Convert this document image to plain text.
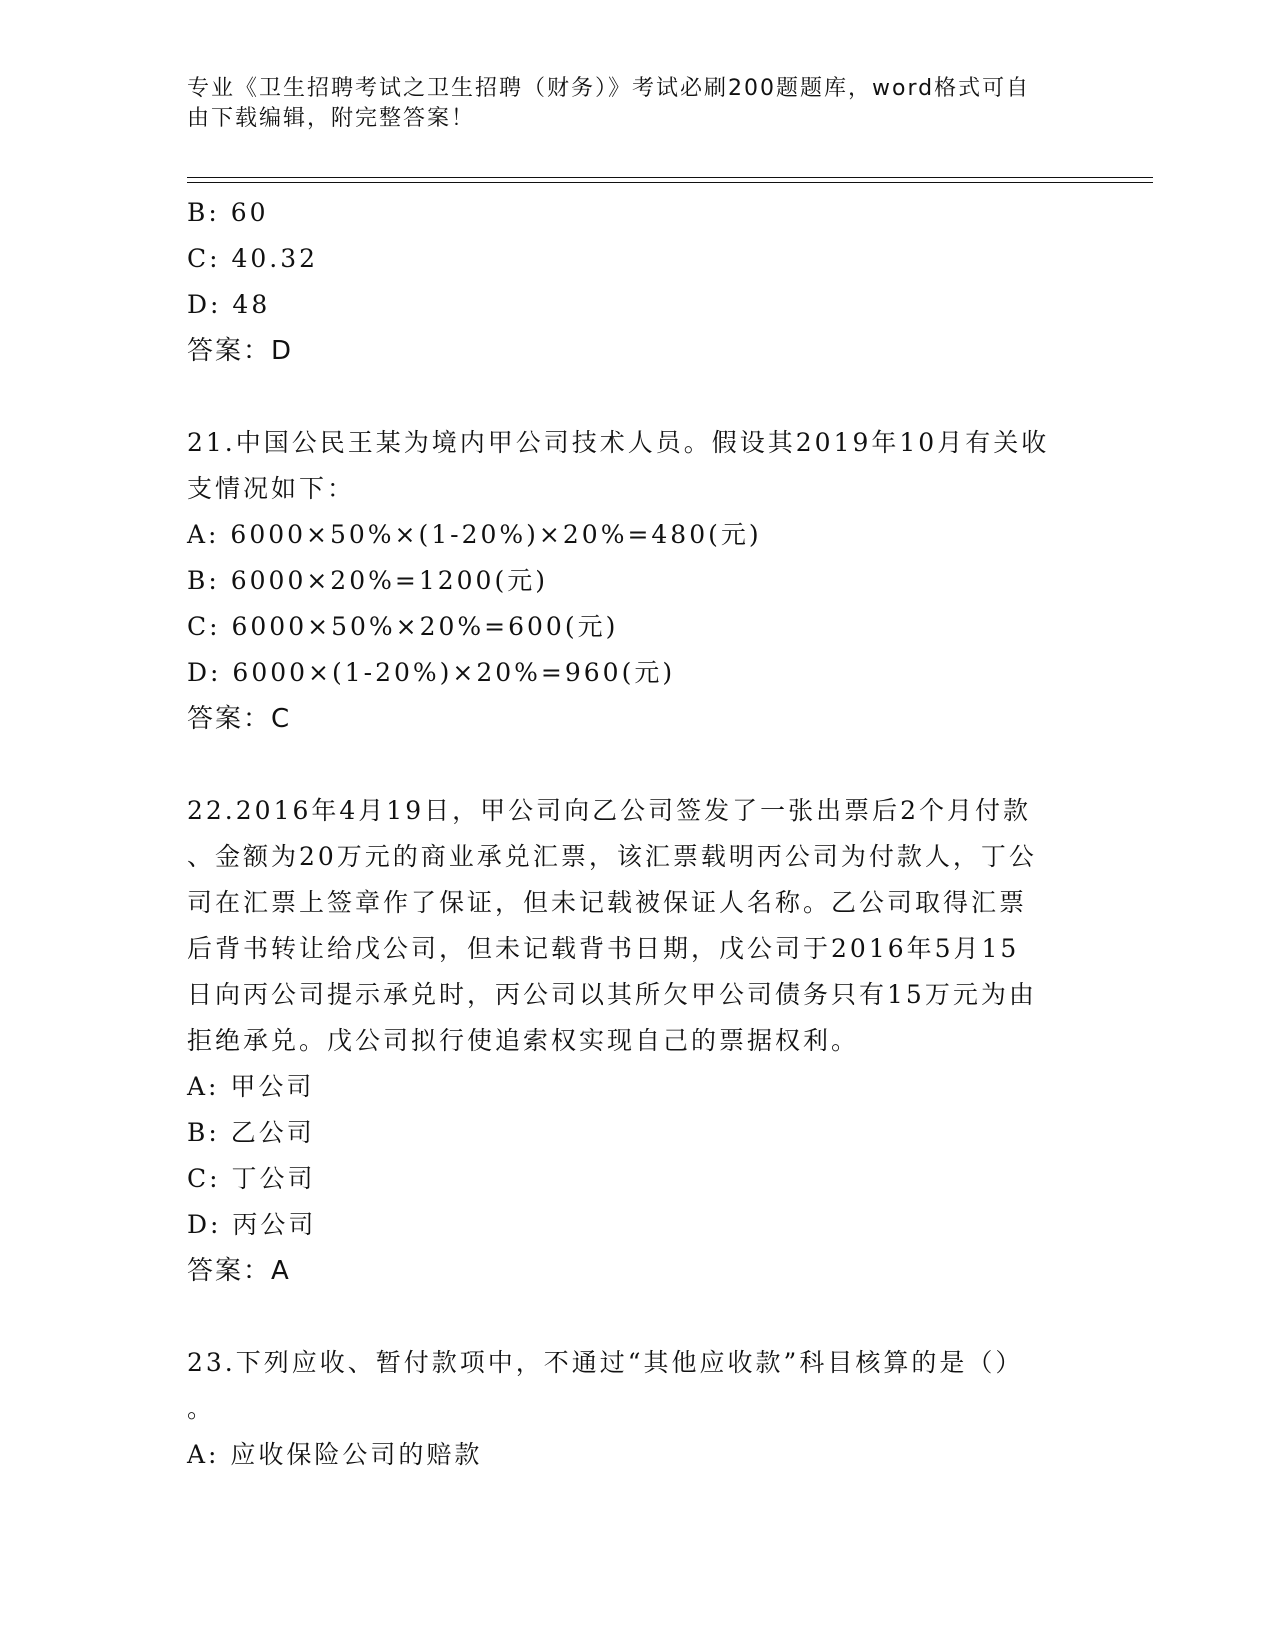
专业《卫生招聘考试之卫生招聘（财务）》考试必刷200题题库，word格式可自
由下载编辑，附完整答案！
B: 60
C: 40.32
D: 48
答案：D
21.中国公民王某为境内甲公司技术人员。假设其2019年10月有关收
支情况如下：
A: 6000×50%×(1-20%)×20%=480(元)
B: 6000×20%=1200(元)
C: 6000×50%×20%=600(元)
D: 6000×(1-20%)×20%=960(元)
答案：C
22.2016年4月19日，甲公司向乙公司签发了一张出票后2个月付款
、金额为20万元的商业承兑汇票，该汇票载明丙公司为付款人，丁公
司在汇票上签章作了保证，但未记载被保证人名称。乙公司取得汇票
后背书转让给戊公司，但未记载背书日期，戊公司于2016年5月15
日向丙公司提示承兑时，丙公司以其所欠甲公司债务只有15万元为由
拒绝承兑。戊公司拟行使追索权实现自己的票据权利。
A: 甲公司
B: 乙公司
C: 丁公司
D: 丙公司
答案：A
23.下列应收、暂付款项中，不通过“其他应收款”科目核算的是（）
。
A: 应收保险公司的赔款
